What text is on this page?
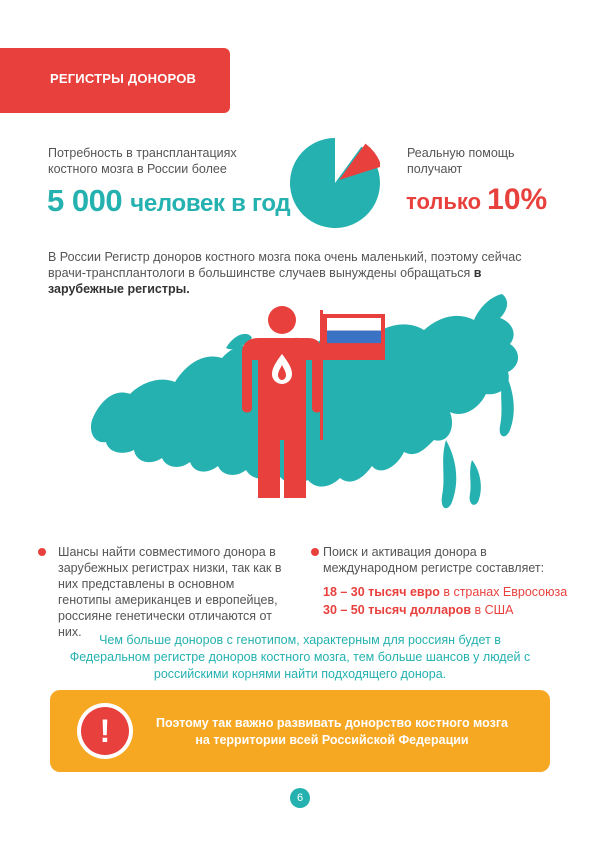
РЕГИСТРЫ ДОНОРОВ
Потребность в трансплантациях костного мозга в России более
5 000 человек в год
Реальную помощь получают
только 10%
В России Регистр доноров костного мозга пока очень маленький, поэтому сейчас врачи-трансплантологи в большинстве случаев вынуждены обращаться в зарубежные регистры.
Шансы найти совместимого донора в зарубежных регистрах низки, так как в них представлены в основном генотипы американцев и европейцев, россияне генетически отличаются от них.
Поиск и активация донора в международном регистре составляет:
18 – 30 тысяч евро в странах Евросоюза
30 – 50 тысяч долларов в США
Чем больше доноров с генотипом, характерным для россиян будет в Федеральном регистре доноров костного мозга, тем больше шансов у людей с российскими корнями найти подходящего донора.
!	Поэтому так важно развивать донорство костного мозга на территории всей Российской Федерации
6
